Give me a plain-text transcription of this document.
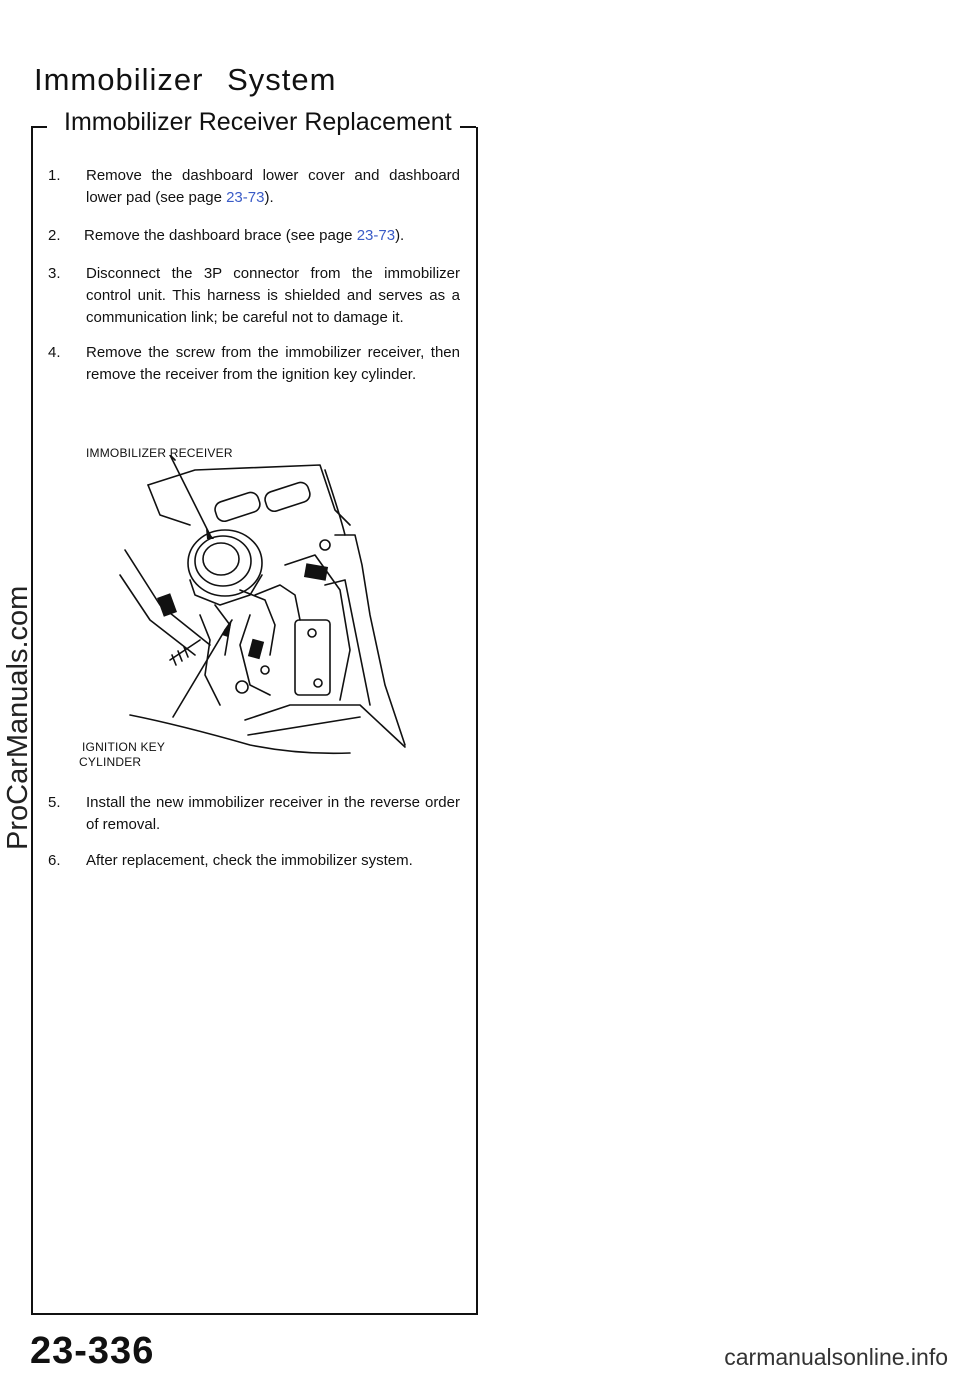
Immobilizer System
Immobilizer Receiver Replacement
1. Remove the dashboard lower cover and dashboard lower pad (see page 23-73).
2. Remove the dashboard brace (see page 23-73).
3. Disconnect the 3P connector from the immobilizer control unit. This harness is shielded and serves as a communication link; be careful not to damage it.
4. Remove the screw from the immobilizer receiver, then remove the receiver from the ignition key cylinder.
5. Install the new immobilizer receiver in the reverse order of removal.
6. After replacement, check the immobilizer system.
IMMOBILIZER RECEIVER
IGNITION KEY
CYLINDER
23-336
ProCarManuals.com
carmanualsonline.info
